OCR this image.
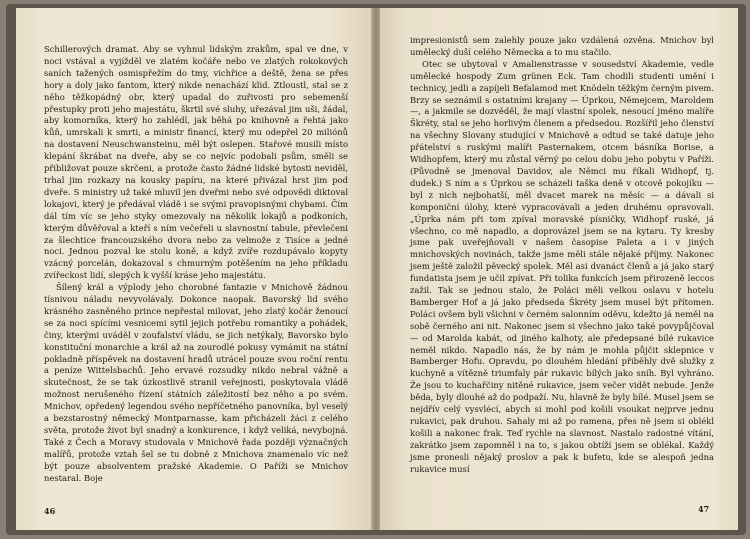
Schillerových dramat. Aby se vyhnul lidským zrakům, spal ve dne, v noci vstával a vyjížděl ve zlatém kočáře nebo ve zlatých rokokových saních tažených osmispřežím do tmy, vichřice a deště, žena se přes hory a doly jako fantom, který nikde nenachází klid. Ztloustl, stal se z něho těžkopádný obr, který upadal do zuřivosti pro sebemenší přestupky proti jeho majestátu, škrtil své sluhy, uřezával jim uši, žádal, aby komorníka, který ho zahlédl, jak běhá po knihovně a řehtá jako kůň, umrskali k smrti, a ministr financí, který mu odepřel 20 miliónů na dostavení Neuschwansteinu, měl být oslepen. Stařové musili místo klepání škrábat na dveře, aby se co nejvíc podobali psům, směli se přibližovat pouze skrčeni, a protože často žádné lidské bytosti neviděl, trhal jim rozkazy na kousky papíru, na které přivázal hrst jim pod dveře. S ministry už také mluvil jen dveřmi nebo své odpovědi diktoval lokajovi, který je předával vládě i se svými pravopisnými chybami. Čím dál tím víc se jeho styky omezovaly na několik lokajů a podkoních, kterým důvěřoval a kteří s ním večeřeli u slavnostní tabule, převlečeni za šlechtice francouzského dvora nebo za velmože z Tisíce a jedné noci. Jednou pozval ke stolu koně, a když zvíře rozdupávalo kopyty vzácný porcelán, dokazoval s chmurným potěšením na jeho příkladu zvířeckost lidí, slepých k vyšší kráse jeho majestátu.

Šílený král a výplody jeho chorobné fantazie v Mnichově žádnou tísnivou náladu nevyvolávaly. Dokonce naopak. Bavorský lid svého krásného zasněného prince nepřestal milovat, jeho zlatý kočár ženoucí se za noci spícími vesnicemi sytil jejich potřebu romantiky a pohádek, činy, kterými uváděl v zoufalství vládu, se jich netýkaly, Bavorsko bylo konstituční monarchie a král až na zourodlé pokusy vymámit na státní pokladně příspěvek na dostavení hradů utrácel pouze svou roční rentu a peníze Wittelsbachů. Jeho ervavé rozsudky nikdo nebral vážně a skutečnost, že se tak úzkostlivě stranil veřejnosti, poskytovala vládě možnost nerušeného řízení státních záležitostí bez něho a po svém. Mnichov, opředený legendou svého nepříčetného panovníka, byl veselý a bezstarostný německý Montparnasse, kam přicházeli žáci z celého světa, protože život byl snadný a konkurence, i když veliká, nevybojná. Také z Čech a Moravy studovala v Mnichově řada později význačných malířů, protože vztah šel se tu dobně z Mnichova znamenalo víc než být pouze absolventem pražské Akademie. O Paříži se Mnichov nestaral. Boje

46

impresionistů sem zalehly pouze jako vzdálená ozvěna. Mnichov byl umělecký duší celého Německa a to mu stačilo.

Otec se ubytoval v Amalienstrasse v sousedství Akademie, vedle umělecké hospody Zum grünen Eck. Tam chodili studenti umění i technicy, jedli a zapíjeli Befalamod met Knödeln těžkým černým pivem. Brzy se seznámil s ostatními krajany — Úprkou, Němejcem, Maroldem —, a jakmile se dozvěděl, že mají vlastní spolek, nesoucí jméno malíře Škréty, stal se jeho horlivým členem a předsedou. Rozšířil jeho členství na všechny Slovany studující v Mnichově a odtud se také datuje jeho přátelství s ruskými malíři Pasternakem, otcem básníka Borise, a Widhopfem, který mu zůstal věrný po celou dobu jeho pobytu v Paříži. (Původně se jmenoval Davidov, ale Němci mu říkali Widhopf, tj. dudek.) S ním a s Úprkou se scházeli taška deně v otcově pokojíku — byl z nich nejbohatší, měl dvacet marek na měsíc — a dávali si komponiční úlohy, které vypracovávali a jeden druhému opravovali. „Úprka nám při tom zpíval moravské písničky, Widhopf ruské, já všechno, co mě napadlo, a doprovázel jsem se na kytaru. Ty kresby jsme pak uveřejňovali v našem časopise Paleta a i v jiných mnichovských novinách, takže jsme měli stále nějaké příjmy. Nakonec jsem ještě založil pěvecký spolek. Měl asi dvanáct členů a já jako starý fundatista jsem je učil zpívat. Při tolika funkcích jsem přirozeně leccos zažil. Tak se jednou stalo, že Poláci měli velkou oslavu v hotelu Bamberger Hof a já jako předseda Škréty jsem musel být přítomen. Poláci ovšem byli všichni v černém salonním oděvu, kdežto já neměl na sobě černého ani nit. Nakonec jsem si všechno jako také povypůjčoval — od Marolda kabát, od jiného kalhoty, ale předepsané bílé rukavice neměl nikdo. Napadlo nás, že by nám je mohla půjčit sklepnice v Bamberger Hofu. Opravdu, po dlouhém hledání přiběhly dvě služky z kuchyně a vítězně triumfaly pár rukavic bílých jako sníh. Byl vyhráno. Že jsou to kuchařčiny nitěné rukavice, jsem večer vidět nebude. Jenže běda, byly dlouhé až do podpaží. Nu, hlavně že byly bílé. Musel jsem se nejdřív celý vysvlécí, abych si mohl pod košili vsoukat nejprve jednu rukavici, pak druhou. Sahaly mi až po ramena, přes ně jsem si oblékl košili a nakonec frak. Teď rychle na slavnost. Nastalo radostné vítání, zakrátko jsem zapomněl i na to, s jakou obtíží jsem se oblékal. Každý jsme pronesli nějaký proslov a pak k bufetu, kde se alespoň jedna rukavice musí

47
